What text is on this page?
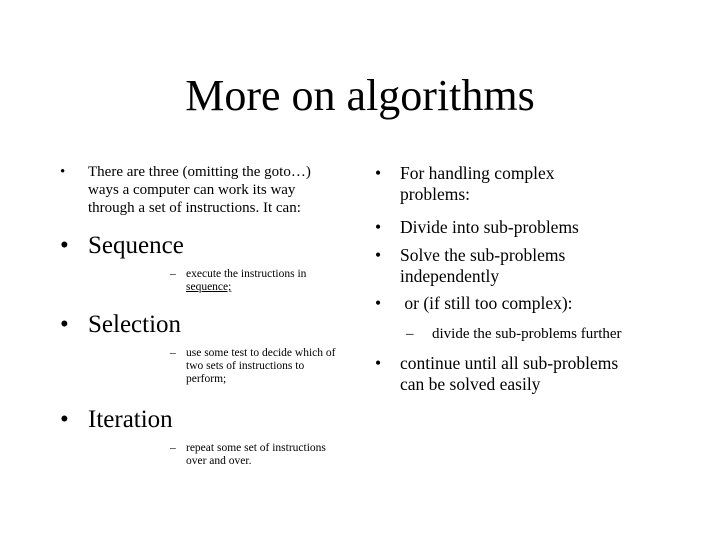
More on algorithms
• There are three (omitting the goto…)
ways a computer can work its way
through a set of instructions. It can:
• Sequence
– execute the instructions in
sequence;
• Selection
– use some test to decide which of
two sets of instructions to
perform;
• Iteration
– repeat some set of instructions
over and over.
• For handling complex
problems:
• Divide into sub-problems
• Solve the sub-problems
independently
• or (if still too complex):
– divide the sub-problems further
• continue until all sub-problems
can be solved easily
